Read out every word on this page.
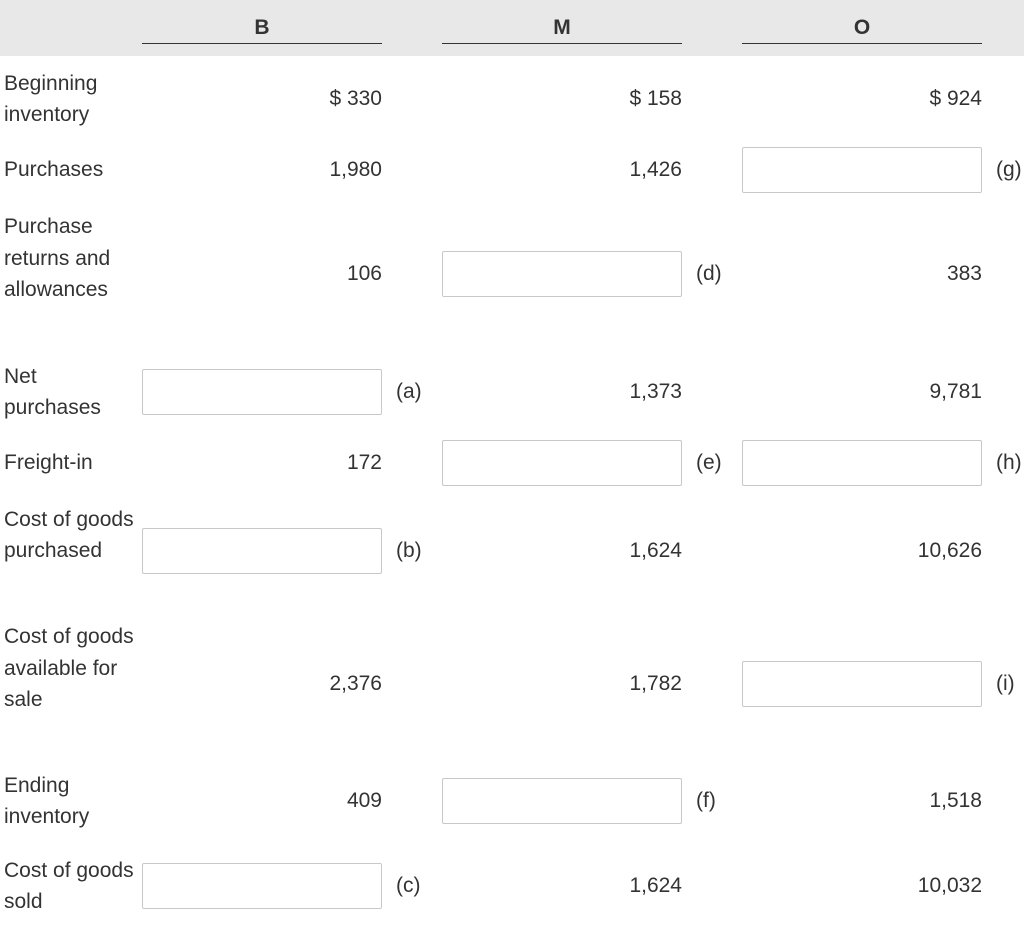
B	M	O
Beginning inventory
$ 330	$ 158	$ 924
Purchases	1,980	1,426	(g)
Purchase returns and allowances
106	(d)	383
Net purchases
(a)	1,373	9,781
Freight-in	172	(e)	(h)
Cost of goods purchased	(b)	1,624	10,626
Cost of goods available for sale
2,376	1,782	(i)
Ending inventory
409	(f)	1,518
Cost of goods sold
(c)	1,624	10,032
